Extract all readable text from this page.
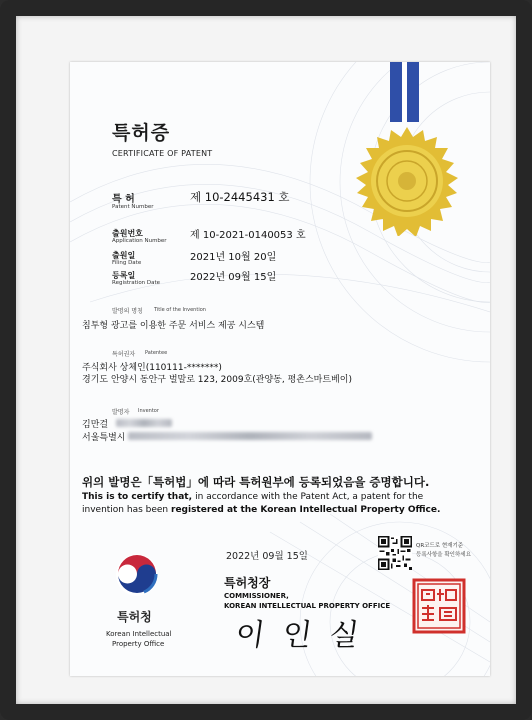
특허증
CERTIFICATE OF PATENT
특 허
Patent Number
제 10-2445431 호
출원번호
Application Number 제 10-2021-0140053 호
출원일
Filing Date	2021년 10월 20일
등록일
Registration Date	2022년 09월 15일
발명의 명칭 Title of the Invention
침투형 광고를 이용한 주문 서비스 제공 시스템
특허권자 Patentee
주식회사 상체인(110111-*******)
경기도 안양시 동안구 벌말로 123, 2009호(관양동, 평촌스마트베이)
발명자 Inventor
김만걸
서울특별시
위의 발명은「특허법」에 따라 특허원부에 등록되었음을 증명합니다.
This is to certify that, in accordance with the Patent Act, a patent for the
invention has been registered at the Korean Intellectual Property Office.
2022년 09월 15일
QR코드로 현재기준
등록사항을 확인하세요
특허청장
COMMISSIONER,
KOREAN INTELLECTUAL PROPERTY OFFICE
이인실
특허청
Korean Intellectual
Property Office
